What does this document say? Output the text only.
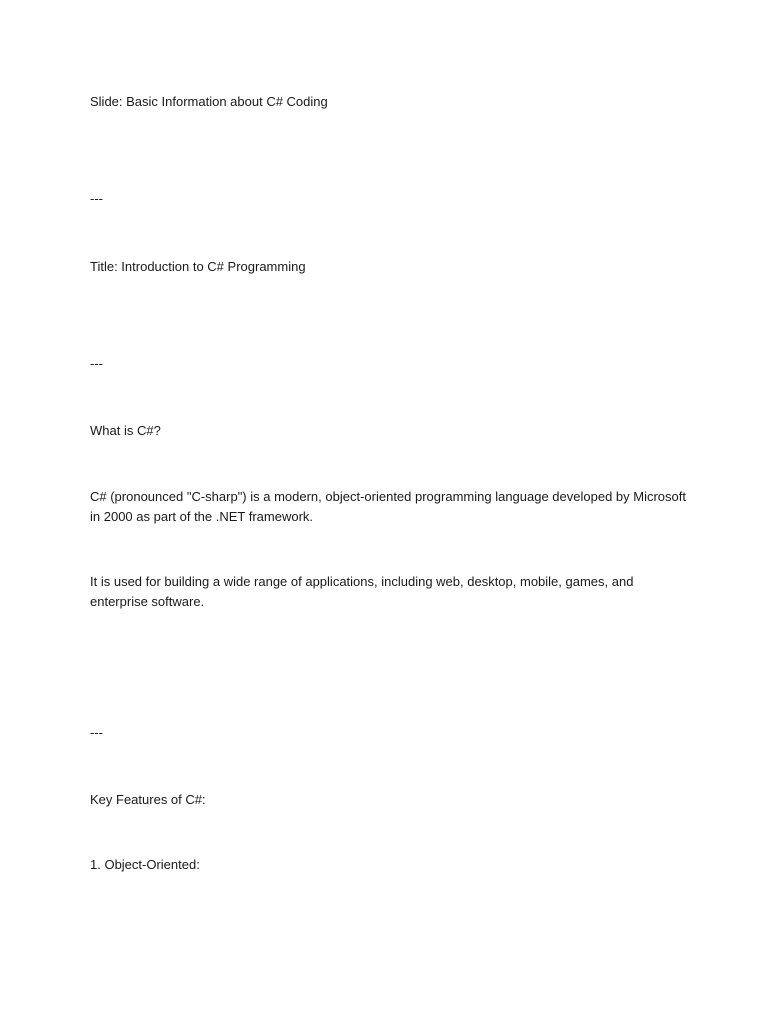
Slide: Basic Information about C# Coding
---
Title: Introduction to C# Programming
---
What is C#?
C# (pronounced "C-sharp") is a modern, object-oriented programming language developed by Microsoft in 2000 as part of the .NET framework.
It is used for building a wide range of applications, including web, desktop, mobile, games, and enterprise software.
---
Key Features of C#:
1. Object-Oriented:
